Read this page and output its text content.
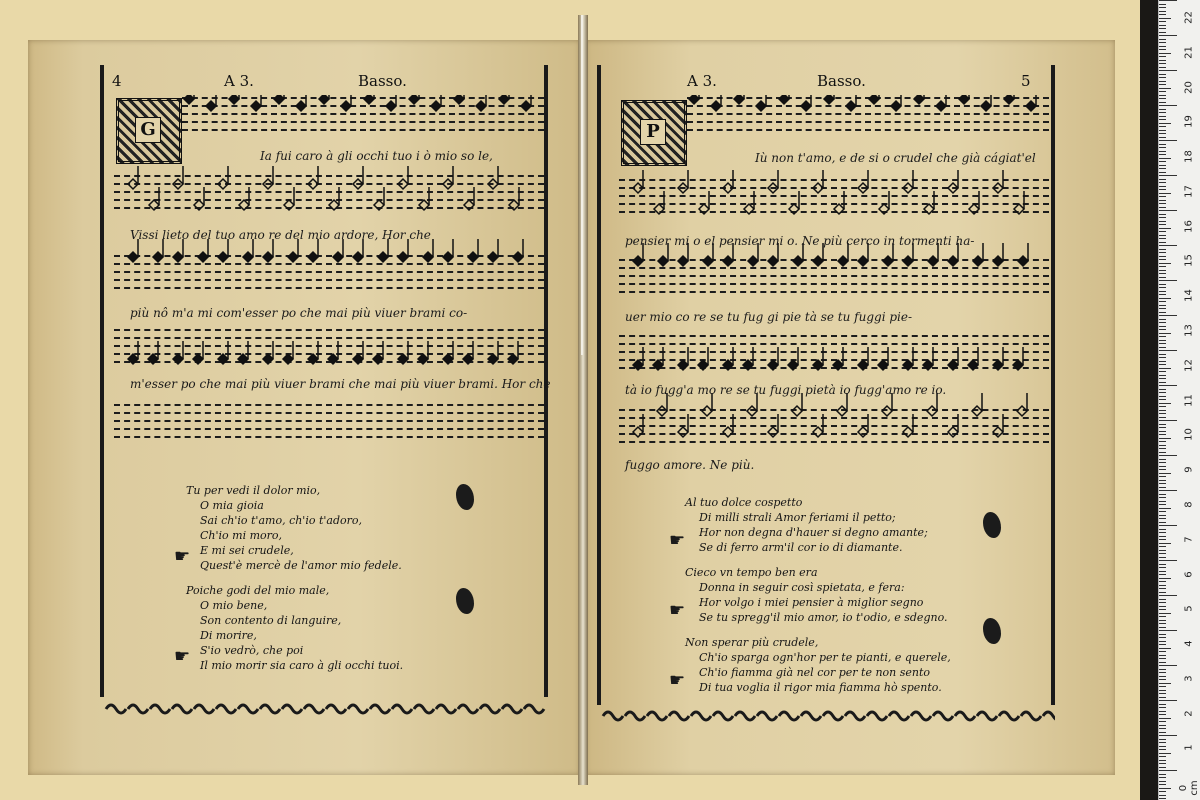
22
21
20
19
18
17
16
15
14
13
12
11
10
9
8
7
6
5
4
3
2
1
0 cm
4	A 3.	Basso.
G
Ia fui caro à gli occhi tuo i ò mio so le,
Vissi lieto del tuo amo re del mio ardore, Hor che
più nô m'a mi com'esser po che mai più viuer brami co-
m'esser po che mai più viuer brami che mai più viuer brami. Hor che
Tu per vedi il dolor mio,
O mia gioia
Sai ch'io t'amo, ch'io t'adoro,
Ch'io mi moro,
E mi sei crudele,
Quest'è mercè de l'amor mio fedele.
Poiche godi del mio male,
O mio bene,
Son contento di languire,
Di morire,
S'io vedrò, che poi
Il mio morir sia caro à gli occhi tuoi.
☛
☛
A 3.	Basso.	5
P
Iù non t'amo, e de si o crudel che già cágiat'el
pensier mi o el pensier mi o. Ne più cerco in tormenti ha-
uer mio co re se tu fug gi pie tà se tu fuggi pie-
tà io fugg'a mo re se tu fuggi pietà io fugg'amo re io.
fuggo amore. Ne più.
Al tuo dolce cospetto
Di milli strali Amor feriami il petto;
Hor non degna d'hauer si degno amante;
Se di ferro arm'il cor io di diamante.
Cieco vn tempo ben era
Donna in seguir così spietata, e fera:
Hor volgo i miei pensier à miglior segno
Se tu spregg'il mio amor, io t'odio, e sdegno.
Non sperar più crudele,
Ch'io sparga ogn'hor per te pianti, e querele,
Ch'io fiamma già nel cor per te non sento
Di tua voglia il rigor mia fiamma hò spento.
☛
☛
☛
